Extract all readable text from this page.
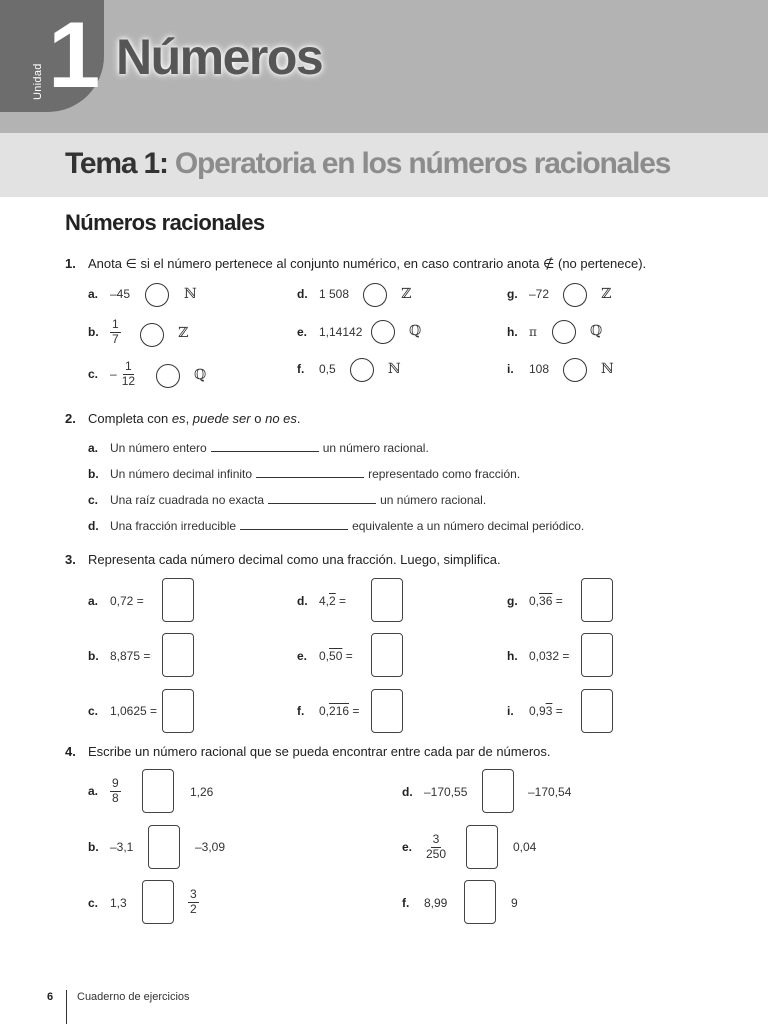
Unidad 1 Números
Tema 1: Operatoria en los números racionales
Números racionales
1. Anota ∈ si el número pertenece al conjunto numérico, en caso contrario anota ∉ (no pertenece).
a. –45	ℕ
b. $\frac{1}{7}$	ℤ
c. – $\frac{1}{12}$	ℚ
d. 1 508	ℤ
e. 1,14142	ℚ
f. 0,5	ℕ
g. –72	ℤ
h. π	ℚ
i. 108	ℕ
2. Completa con es, puede ser o no es.
a. Un número entero	un número racional.
b. Un número decimal infinito	representado como fracción.
c. Una raíz cuadrada no exacta	un número racional.
d. Una fracción irreducible	equivalente a un número decimal periódico.
3. Representa cada número decimal como una fracción. Luego, simplifica.
a. 0,72 =
b. 8,875 =
c. 1,0625 =
d. 4,2 =
e. 0,50 =
f. 0,216 =
g. 0,36 =
h. 0,032 =
i. 0,93 =
4. Escribe un número racional que se pueda encontrar entre cada par de números.
a. $\frac{9}{8}$	1,26
b. –3,1	–3,09
c. 1,3	$\frac{3}{2}$
d. –170,55	–170,54
e. $\frac{3}{250}$	0,04
f. 8,99	9
6 Cuaderno de ejercicios
